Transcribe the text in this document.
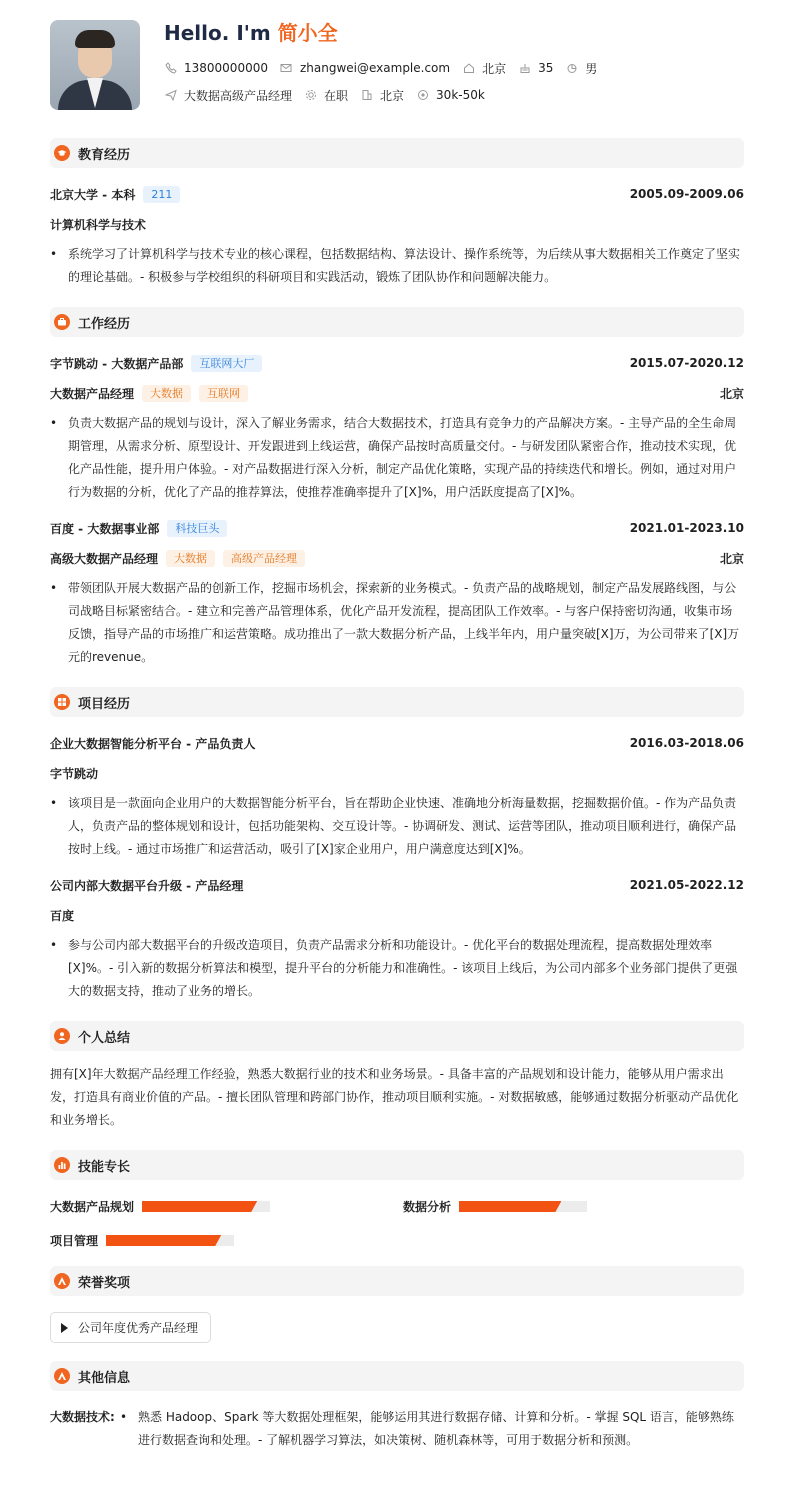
Hello. I'm 简小全
13800000000	zhangwei@example.com	北京	35	男
大数据高级产品经理	在职	北京	30k-50k
教育经历
北京大学 - 本科	211	2005.09-2009.06
计算机科学与技术
• 系统学习了计算机科学与技术专业的核心课程，包括数据结构、算法设计、操作系统等，为后续从事大数据相关工作奠定了坚实的理论基础。- 积极参与学校组织的科研项目和实践活动，锻炼了团队协作和问题解决能力。
工作经历
字节跳动 - 大数据产品部	互联网大厂	2015.07-2020.12
大数据产品经理	大数据	互联网	北京
• 负责大数据产品的规划与设计，深入了解业务需求，结合大数据技术，打造具有竞争力的产品解决方案。- 主导产品的全生命周期管理，从需求分析、原型设计、开发跟进到上线运营，确保产品按时高质量交付。- 与研发团队紧密合作，推动技术实现，优化产品性能，提升用户体验。- 对产品数据进行深入分析，制定产品优化策略，实现产品的持续迭代和增长。例如，通过对用户行为数据的分析，优化了产品的推荐算法，使推荐准确率提升了[X]%，用户活跃度提高了[X]%。
百度 - 大数据事业部	科技巨头	2021.01-2023.10
高级大数据产品经理	大数据	高级产品经理	北京
• 带领团队开展大数据产品的创新工作，挖掘市场机会，探索新的业务模式。- 负责产品的战略规划，制定产品发展路线图，与公司战略目标紧密结合。- 建立和完善产品管理体系，优化产品开发流程，提高团队工作效率。- 与客户保持密切沟通，收集市场反馈，指导产品的市场推广和运营策略。成功推出了一款大数据分析产品，上线半年内，用户量突破[X]万，为公司带来了[X]万元的revenue。
项目经历
企业大数据智能分析平台 - 产品负责人	2016.03-2018.06
字节跳动
• 该项目是一款面向企业用户的大数据智能分析平台，旨在帮助企业快速、准确地分析海量数据，挖掘数据价值。- 作为产品负责人，负责产品的整体规划和设计，包括功能架构、交互设计等。- 协调研发、测试、运营等团队，推动项目顺利进行，确保产品按时上线。- 通过市场推广和运营活动，吸引了[X]家企业用户，用户满意度达到[X]%。
公司内部大数据平台升级 - 产品经理	2021.05-2022.12
百度
• 参与公司内部大数据平台的升级改造项目，负责产品需求分析和功能设计。- 优化平台的数据处理流程，提高数据处理效率[X]%。- 引入新的数据分析算法和模型，提升平台的分析能力和准确性。- 该项目上线后，为公司内部多个业务部门提供了更强大的数据支持，推动了业务的增长。
个人总结
拥有[X]年大数据产品经理工作经验，熟悉大数据行业的技术和业务场景。- 具备丰富的产品规划和设计能力，能够从用户需求出发，打造具有商业价值的产品。- 擅长团队管理和跨部门协作，推动项目顺利实施。- 对数据敏感，能够通过数据分析驱动产品优化和业务增长。
技能专长
大数据产品规划	数据分析
项目管理
荣誉奖项
公司年度优秀产品经理
其他信息
大数据技术: • 熟悉 Hadoop、Spark 等大数据处理框架，能够运用其进行数据存储、计算和分析。- 掌握 SQL 语言，能够熟练进行数据查询和处理。- 了解机器学习算法，如决策树、随机森林等，可用于数据分析和预测。
